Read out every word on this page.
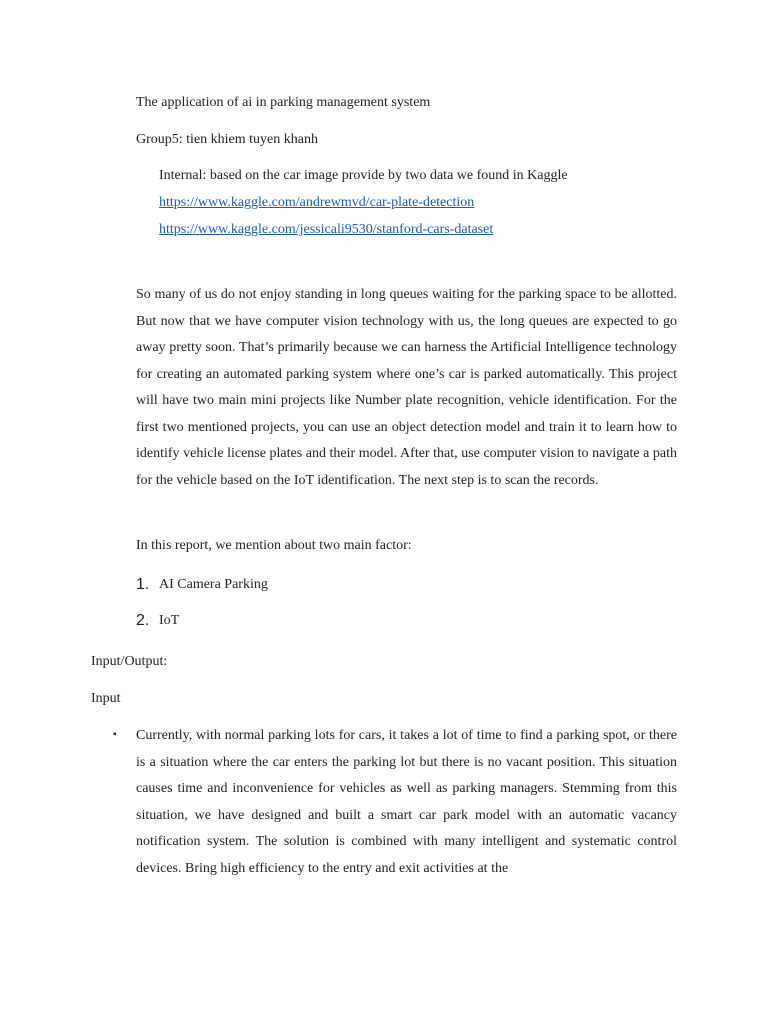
The application of ai in parking management system
Group5: tien khiem tuyen khanh
Internal: based on the car image provide by two data we found in Kaggle
https://www.kaggle.com/andrewmvd/car-plate-detection
https://www.kaggle.com/jessicali9530/stanford-cars-dataset

So many of us do not enjoy standing in long queues waiting for the parking space to be allotted. But now that we have computer vision technology with us, the long queues are expected to go away pretty soon. That’s primarily because we can harness the Artificial Intelligence technology for creating an automated parking system where one’s car is parked automatically. This project will have two main mini projects like Number plate recognition, vehicle identification. For the first two mentioned projects, you can use an object detection model and train it to learn how to identify vehicle license plates and their model. After that, use computer vision to navigate a path for the vehicle based on the IoT identification. The next step is to scan the records.

In this report, we mention about two main factor:
1. AI Camera Parking
2. IoT
Input/Output:
Input
▪ Currently, with normal parking lots for cars, it takes a lot of time to find a parking spot, or there is a situation where the car enters the parking lot but there is no vacant position. This situation causes time and inconvenience for vehicles as well as parking managers. Stemming from this situation, we have designed and built a smart car park model with an automatic vacancy notification system. The solution is combined with many intelligent and systematic control devices. Bring high efficiency to the entry and exit activities at the
